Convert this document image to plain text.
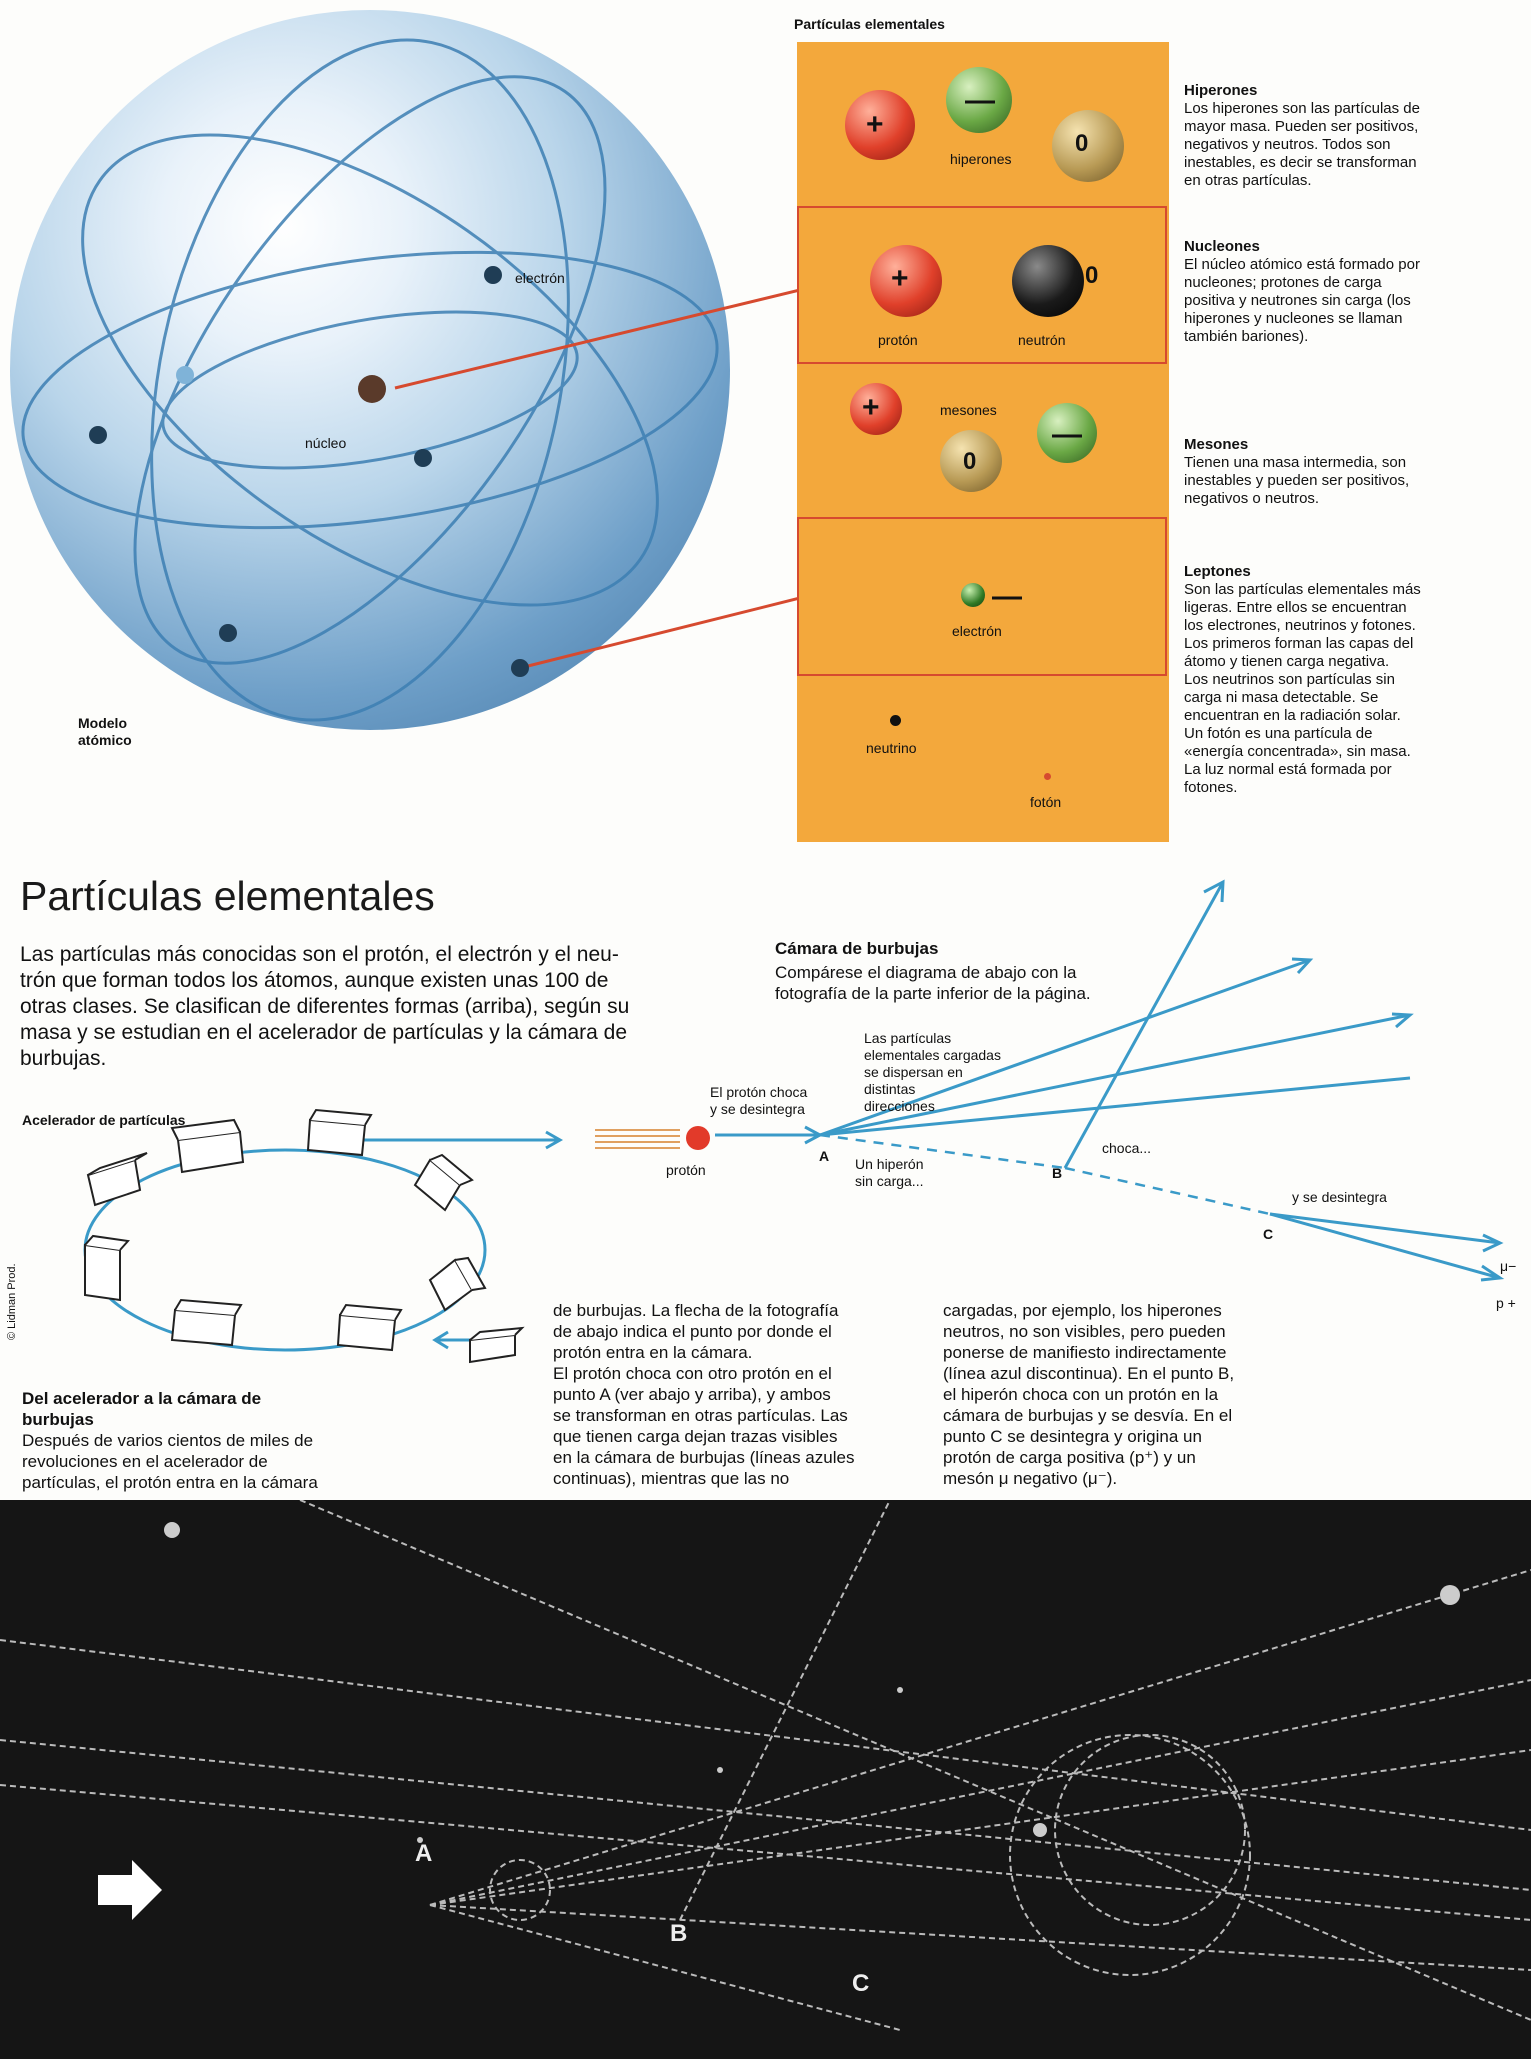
electrón
núcleo
Modelo
atómico
Partículas elementales
+
—
0
hiperones
+	0
protón	neutrón
+
0
—
mesones
—
electrón
neutrino
fotón
Hiperones
Los hiperones son las partículas de
mayor masa. Pueden ser positivos,
negativos y neutros. Todos son
inestables, es decir se transforman
en otras partículas.
Nucleones
El núcleo atómico está formado por
nucleones; protones de carga
positiva y neutrones sin carga (los
hiperones y nucleones se llaman
también bariones).
Mesones
Tienen una masa intermedia, son
inestables y pueden ser positivos,
negativos o neutros.
Leptones
Son las partículas elementales más
ligeras. Entre ellos se encuentran
los electrones, neutrinos y fotones.
Los primeros forman las capas del
átomo y tienen carga negativa.
Los neutrinos son partículas sin
carga ni masa detectable. Se
encuentran en la radiación solar.
Un fotón es una partícula de
«energía concentrada», sin masa.
La luz normal está formada por
fotones.
Partículas elementales
Las partículas más conocidas son el protón, el electrón y el neu-
trón que forman todos los átomos, aunque existen unas 100 de
otras clases. Se clasifican de diferentes formas (arriba), según su
masa y se estudian en el acelerador de partículas y la cámara de
burbujas.
Acelerador de partículas
© Lidman Prod.
Cámara de burbujas
Compárese el diagrama de abajo con la
fotografía de la parte inferior de la página.
protón
El protón choca
y se desintegra
Las partículas
elementales cargadas
se dispersan en
distintas
direcciones
Un hiperón
sin carga...
A
B
choca...
y se desintegra
C
μ−
p +
Del acelerador a la cámara de
burbujas
Después de varios cientos de miles de
revoluciones en el acelerador de
partículas, el protón entra en la cámara
de burbujas. La flecha de la fotografía
de abajo indica el punto por donde el
protón entra en la cámara.
El protón choca con otro protón en el
punto A (ver abajo y arriba), y ambos
se transforman en otras partículas. Las
que tienen carga dejan trazas visibles
en la cámara de burbujas (líneas azules
continuas), mientras que las no
cargadas, por ejemplo, los hiperones
neutros, no son visibles, pero pueden
ponerse de manifiesto indirectamente
(línea azul discontinua). En el punto B,
el hiperón choca con un protón en la
cámara de burbujas y se desvía. En el
punto C se desintegra y origina un
protón de carga positiva (p⁺) y un
mesón μ negativo (μ⁻).
A
B
C
